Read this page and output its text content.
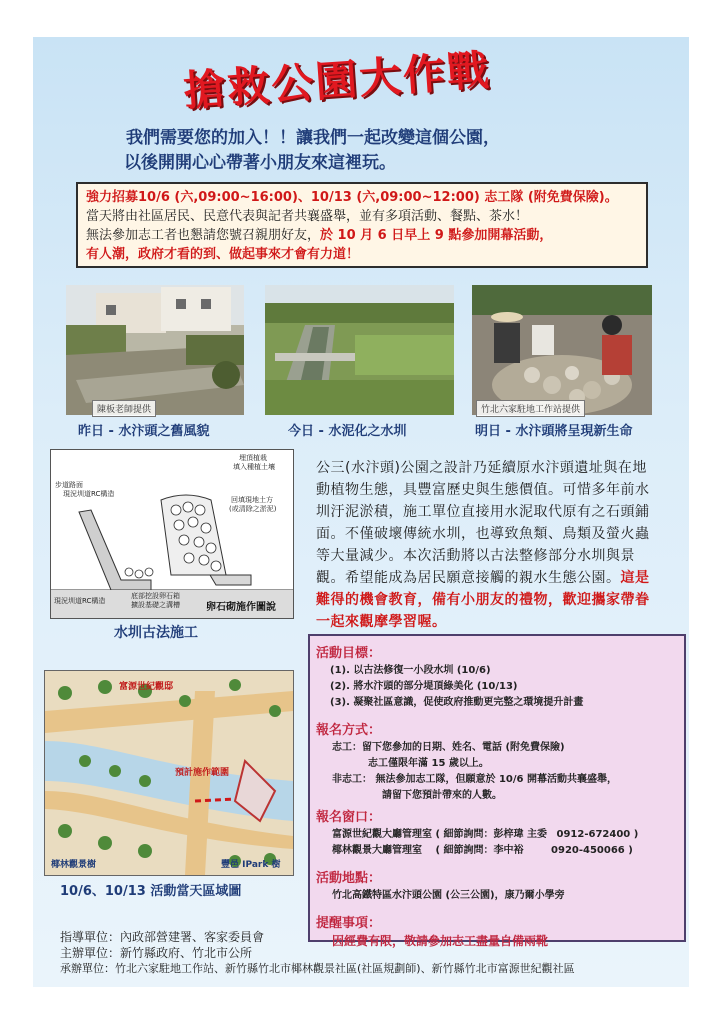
搶救公園大作戰
我們需要您的加入！！讓我們一起改變這個公園，
以後開開心心帶著小朋友來這裡玩。
強力招募10/6 (六,09:00~16:00)、10/13 (六,09:00~12:00) 志工隊 (附免費保險)。
當天將由社區居民、民意代表與記者共襄盛舉，並有多項活動、餐點、茶水！
無法參加志工者也懇請您號召親朋好友，於 10 月 6 日早上 9 點參加開幕活動，
有人潮，政府才看的到、做起事來才會有力道！
陳板老師提供	竹北六家駐地工作站提供
昨日 - 水汴頭之舊風貌	今日 - 水泥化之水圳	明日 - 水汴頭將呈現新生命
埋頂植栽
填入種植土壤
步道路面
現況圳道RC構造
回填現地土方
(或清除之淤泥)
現況圳道RC構造
底部挖設卵石箱
擴設基礎之溝槽	卵石砌施作圖說
水圳古法施工
公三(水汴頭)公園之設計乃延續原水汴頭遺址與在地動植物生態，具豐富歷史與生態價值。可惜多年前水圳汙泥淤積，施工單位直接用水泥取代原有之石頭鋪面。不僅破壞傳統水圳，也導致魚類、鳥類及螢火蟲等大量減少。本次活動將以古法整修部分水圳與景觀。希望能成為居民願意接觸的親水生態公園。這是難得的機會教育，備有小朋友的禮物，歡迎攜家帶眷一起來觀摩學習喔。
富源世紀觀邸
預計施作範圍
椰林觀景樹	豐邑 IPark 樹
10/6、10/13 活動當天區域圖
活動目標：
(1). 以古法修復一小段水圳 (10/6)
(2). 將水汴頭的部分堤頂綠美化 (10/13)
(3). 凝聚社區意識，促使政府推動更完整之環境提升計畫
報名方式：
志工：留下您參加的日期、姓名、電話 (附免費保險)
志工僅限年滿 15 歲以上。
非志工： 無法參加志工隊，但願意於 10/6 開幕活動共襄盛舉，
請留下您預計帶來的人數。
報名窗口：
富源世紀觀大廳管理室 ( 細節詢問：彭梓瑋 主委 0912-672400 )
椰林觀景大廳管理室 ( 細節詢問：李中裕	0920-450066 )
活動地點：
竹北高鐵特區水汴頭公園 (公三公園)，康乃爾小學旁
提醒事項：
因經費有限，敬請參加志工盡量自備雨靴
指導單位：內政部營建署、客家委員會
主辦單位：新竹縣政府、竹北市公所
承辦單位：竹北六家駐地工作站、新竹縣竹北市椰林觀景社區(社區規劃師)、新竹縣竹北市富源世紀觀社區
